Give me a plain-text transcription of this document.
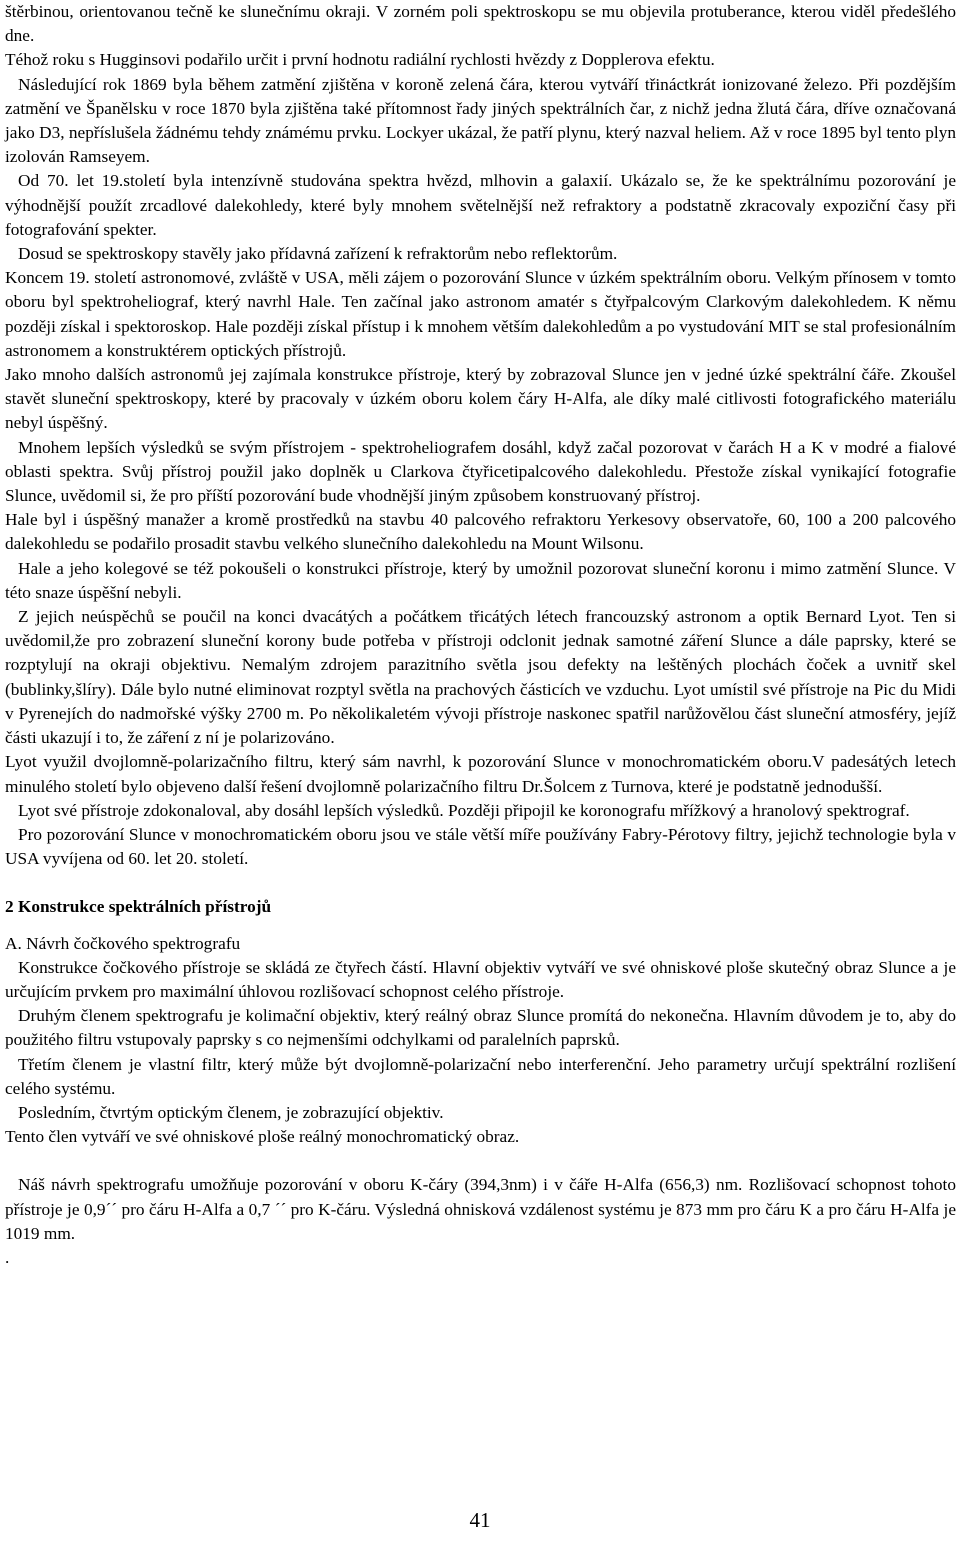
štěrbinou, orientovanou tečně ke slunečnímu okraji. V zorném poli spektroskopu se mu objevila protuberance, kterou viděl předešlého dne.

Téhož roku s Hugginsovi podařilo určit i první hodnotu radiální rychlosti hvězdy z Dopplerova efektu.

Následující rok 1869 byla během zatmění zjištěna v koroně zelená čára, kterou vytváří třináctkrát ionizované železo. Při pozdějším zatmění ve Španělsku v roce 1870 byla zjištěna také přítomnost řady jiných spektrálních čar, z nichž jedna žlutá čára, dříve označovaná jako D3, nepříslušela žádnému tehdy známému prvku. Lockyer ukázal, že patří plynu, který nazval heliem. Až v roce 1895 byl tento plyn izolován Ramseyem.

Od 70. let 19.století byla intenzívně studována spektra hvězd, mlhovin a galaxií. Ukázalo se, že ke spektrálnímu pozorování je výhodnější použít zrcadlové dalekohledy, které byly mnohem světelnější než refraktory a podstatně zkracovaly expoziční časy při fotografování spekter.

Dosud se spektroskopy stavěly jako přídavná zařízení k refraktorům nebo reflektorům.

Koncem 19. století astronomové, zvláště v USA, měli zájem o pozorování Slunce v úzkém spektrálním oboru. Velkým přínosem v tomto oboru byl spektroheliograf, který navrhl Hale. Ten začínal jako astronom amatér s čtyřpalcovým Clarkovým dalekohledem. K němu později získal i spektoroskop. Hale později získal přístup i k mnohem větším dalekohledům a po vystudování MIT se stal profesionálním astronomem a konstruktérem optických přístrojů.

Jako mnoho dalších astronomů jej zajímala konstrukce přístroje, který by zobrazoval Slunce jen v jedné úzké spektrální čáře. Zkoušel stavět sluneční spektroskopy, které by pracovaly v úzkém oboru kolem čáry H-Alfa, ale díky malé citlivosti fotografického materiálu nebyl úspěšný.

Mnohem lepších výsledků se svým přístrojem - spektroheliografem dosáhl, když začal pozorovat v čarách H a K v modré a fialové oblasti spektra. Svůj přístroj použil jako doplněk u Clarkova čtyřicetipalcového dalekohledu. Přestože získal vynikající fotografie Slunce, uvědomil si, že pro příští pozorování bude vhodnější jiným způsobem konstruovaný přístroj.

Hale byl i úspěšný manažer a kromě prostředků na stavbu 40 palcového refraktoru Yerkesovy observatoře, 60, 100 a 200 palcového dalekohledu se podařilo prosadit stavbu velkého slunečního dalekohledu na Mount Wilsonu.

Hale a jeho kolegové se též pokoušeli o konstrukci přístroje, který by umožnil pozorovat sluneční koronu i mimo zatmění Slunce. V této snaze úspěšní nebyli.

Z jejich neúspěchů se poučil na konci dvacátých a počátkem třicátých létech francouzský astronom a optik Bernard Lyot. Ten si uvědomil,že pro zobrazení sluneční korony bude potřeba v přístroji odclonit jednak samotné záření Slunce a dále paprsky, které se rozptylují na okraji objektivu. Nemalým zdrojem parazitního světla jsou defekty na leštěných plochách čoček a uvnitř skel (bublinky,šlíry). Dále bylo nutné eliminovat rozptyl světla na prachových částicích ve vzduchu. Lyot umístil své přístroje na Pic du Midi v Pyrenejích do nadmořské výšky 2700 m. Po několikaletém vývoji přístroje naskonec spatřil narůžovělou část sluneční atmosféry, jejíž části ukazují i to, že záření z ní je polarizováno.

Lyot využil dvojlomně-polarizačního filtru, který sám navrhl, k pozorování Slunce v monochromatickém oboru.V padesátých letech minulého století bylo objeveno další řešení dvojlomně polarizačního filtru Dr.Šolcem z Turnova, které je podstatně jednodušší.

Lyot své přístroje zdokonaloval, aby dosáhl lepších výsledků. Později připojil ke koronografu mřížkový a hranolový spektrograf.

Pro pozorování Slunce v monochromatickém oboru jsou ve stále větší míře používány Fabry-Pérotovy filtry, jejichž technologie byla v USA vyvíjena od 60. let 20. století.

2 Konstrukce spektrálních přístrojů

A. Návrh čočkového spektrografu

Konstrukce čočkového přístroje se skládá ze čtyřech částí. Hlavní objektiv vytváří ve své ohniskové ploše skutečný obraz Slunce a je určujícím prvkem pro maximální úhlovou rozlišovací schopnost celého přístroje.

Druhým členem spektrografu je kolimační objektiv, který reálný obraz Slunce promítá do nekonečna. Hlavním důvodem je to, aby do použitého filtru vstupovaly paprsky s co nejmenšími odchylkami od paralelních paprsků.

Třetím členem je vlastní filtr, který může být dvojlomně-polarizační nebo interferenční. Jeho parametry určují spektrální rozlišení celého systému.

Posledním, čtvrtým optickým členem, je zobrazující objektiv.

Tento člen vytváří ve své ohniskové ploše reálný monochromatický obraz.

Náš návrh spektrografu umožňuje pozorování v oboru K-čáry (394,3nm) i v čáře H-Alfa (656,3) nm. Rozlišovací schopnost tohoto přístroje je 0,9´´ pro čáru H-Alfa a 0,7 ´´ pro K-čáru. Výsledná ohnisková vzdálenost systému je 873 mm pro čáru K a pro čáru H-Alfa je 1019 mm.

.

41
